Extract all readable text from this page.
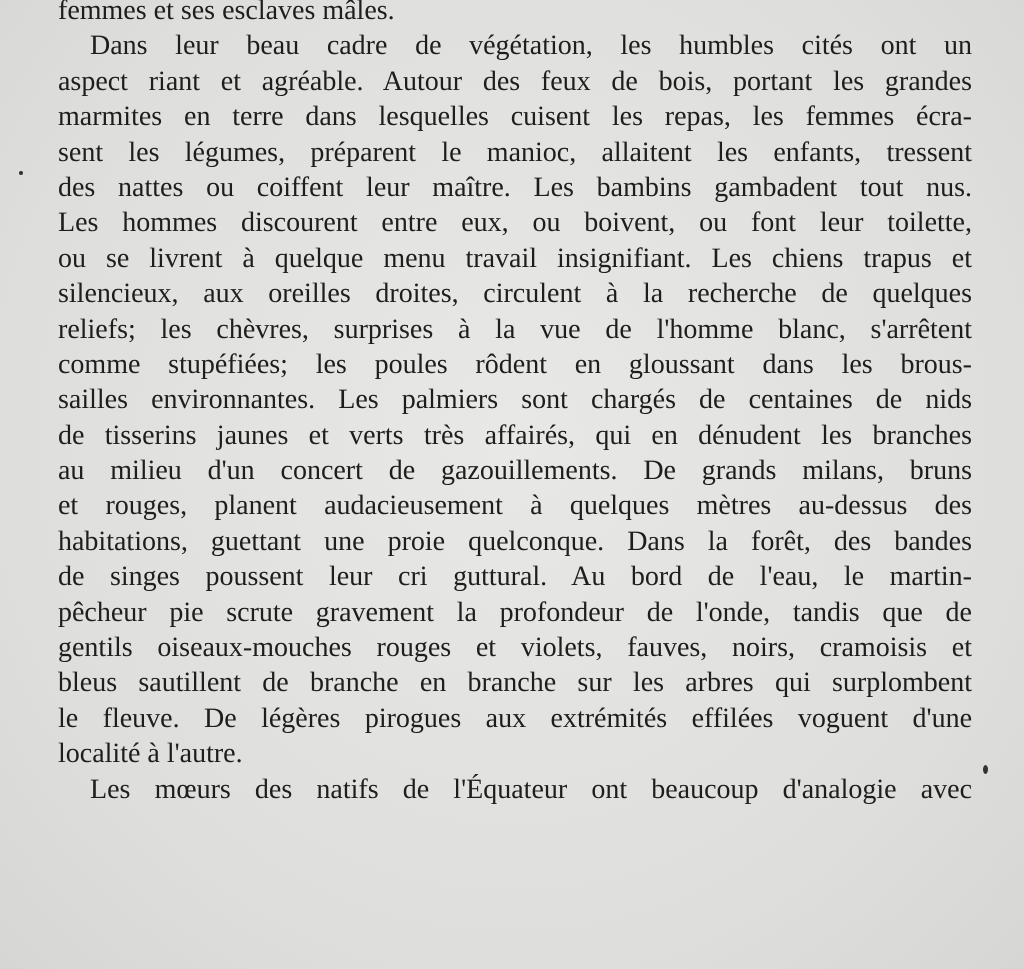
femmes et ses esclaves mâles.
Dans leur beau cadre de végétation, les humbles cités ont un
aspect riant et agréable. Autour des feux de bois, portant les grandes
marmites en terre dans lesquelles cuisent les repas, les femmes écra-
sent les légumes, préparent le manioc, allaitent les enfants, tressent
des nattes ou coiffent leur maître. Les bambins gambadent tout nus.
Les hommes discourent entre eux, ou boivent, ou font leur toilette,
ou se livrent à quelque menu travail insignifiant. Les chiens trapus et
silencieux, aux oreilles droites, circulent à la recherche de quelques
reliefs; les chèvres, surprises à la vue de l'homme blanc, s'arrêtent
comme stupéfiées; les poules rôdent en gloussant dans les brous-
sailles environnantes. Les palmiers sont chargés de centaines de nids
de tisserins jaunes et verts très affairés, qui en dénudent les branches
au milieu d'un concert de gazouillements. De grands milans, bruns
et rouges, planent audacieusement à quelques mètres au-dessus des
habitations, guettant une proie quelconque. Dans la forêt, des bandes
de singes poussent leur cri guttural. Au bord de l'eau, le martin-
pêcheur pie scrute gravement la profondeur de l'onde, tandis que de
gentils oiseaux-mouches rouges et violets, fauves, noirs, cramoisis et
bleus sautillent de branche en branche sur les arbres qui surplombent
le fleuve. De légères pirogues aux extrémités effilées voguent d'une
localité à l'autre.
Les mœurs des natifs de l'Équateur ont beaucoup d'analogie avec
